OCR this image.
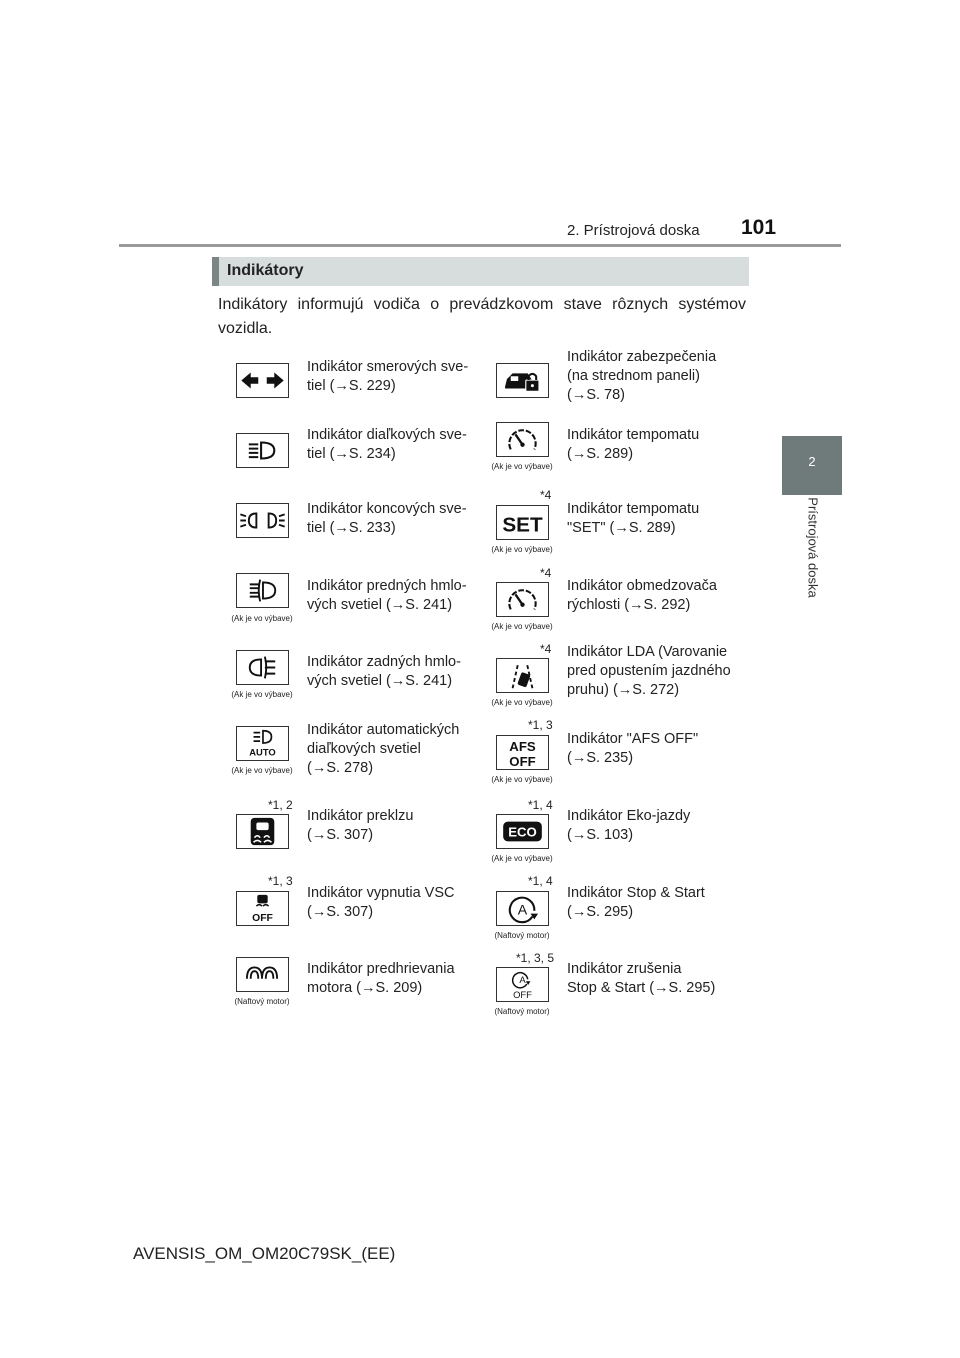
2. Prístrojová doska 101
2
Prístrojová doska
Indikátory
Indikátory informujú vodiča o prevádzkovom stave rôznych systémov vozidla.
Indikátor smerových sve-
tiel (→S. 229)
Indikátor diaľkových sve-
tiel (→S. 234)
Indikátor koncových sve-
tiel (→S. 233)
(Ak je vo výbave)
Indikátor predných hmlo-
vých svetiel (→S. 241)
(Ak je vo výbave)
Indikátor zadných hmlo-
vých svetiel (→S. 241)
AUTO
(Ak je vo výbave)
Indikátor automatických
diaľkových svetiel
(→S. 278)
*1, 2
Indikátor preklzu
(→S. 307)
*1, 3
OFF
Indikátor vypnutia VSC
(→S. 307)
(Naftový motor)
Indikátor predhrievania
motora (→S. 209)
Indikátor zabezpečenia
(na strednom paneli)
(→S. 78)
(Ak je vo výbave)
Indikátor tempomatu
(→S. 289)
*4
SET
(Ak je vo výbave)
Indikátor tempomatu
"SET" (→S. 289)
*4
(Ak je vo výbave)
Indikátor obmedzovača
rýchlosti (→S. 292)
*4
(Ak je vo výbave)
Indikátor LDA (Varovanie
pred opustením jazdného
pruhu) (→S. 272)
*1, 3
AFS
OFF
(Ak je vo výbave)
Indikátor "AFS OFF"
(→S. 235)
*1, 4
ECO
(Ak je vo výbave)
Indikátor Eko-jazdy
(→S. 103)
*1, 4
A
(Naftový motor)
Indikátor Stop & Start
(→S. 295)
*1, 3, 5
A
OFF
(Naftový motor)
Indikátor zrušenia
Stop & Start (→S. 295)
AVENSIS_OM_OM20C79SK_(EE)
